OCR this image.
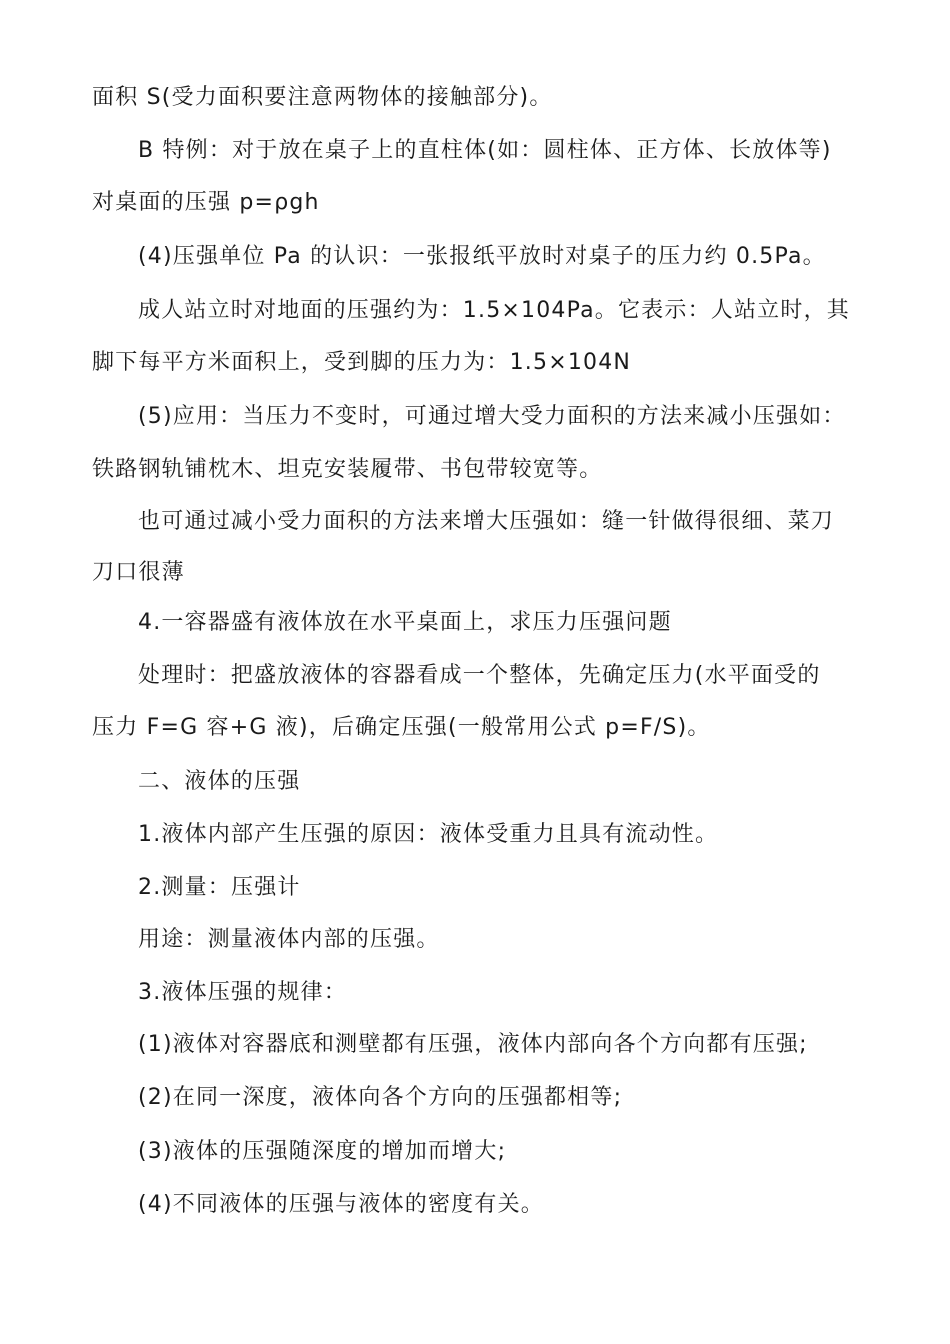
面积 S(受力面积要注意两物体的接触部分)。
B 特例：对于放在桌子上的直柱体(如：圆柱体、正方体、长放体等)
对桌面的压强 p=ρgh
(4)压强单位 Pa 的认识：一张报纸平放时对桌子的压力约 0.5Pa。
成人站立时对地面的压强约为：1.5×104Pa。它表示：人站立时，其
脚下每平方米面积上，受到脚的压力为：1.5×104N
(5)应用：当压力不变时，可通过增大受力面积的方法来减小压强如：
铁路钢轨铺枕木、坦克安装履带、书包带较宽等。
也可通过减小受力面积的方法来增大压强如：缝一针做得很细、菜刀
刀口很薄
4.一容器盛有液体放在水平桌面上，求压力压强问题
处理时：把盛放液体的容器看成一个整体，先确定压力(水平面受的
压力 F=G 容+G 液)，后确定压强(一般常用公式 p=F/S)。
二、液体的压强
1.液体内部产生压强的原因：液体受重力且具有流动性。
2.测量：压强计
用途：测量液体内部的压强。
3.液体压强的规律：
(1)液体对容器底和测壁都有压强，液体内部向各个方向都有压强;
(2)在同一深度，液体向各个方向的压强都相等;
(3)液体的压强随深度的增加而增大;
(4)不同液体的压强与液体的密度有关。
